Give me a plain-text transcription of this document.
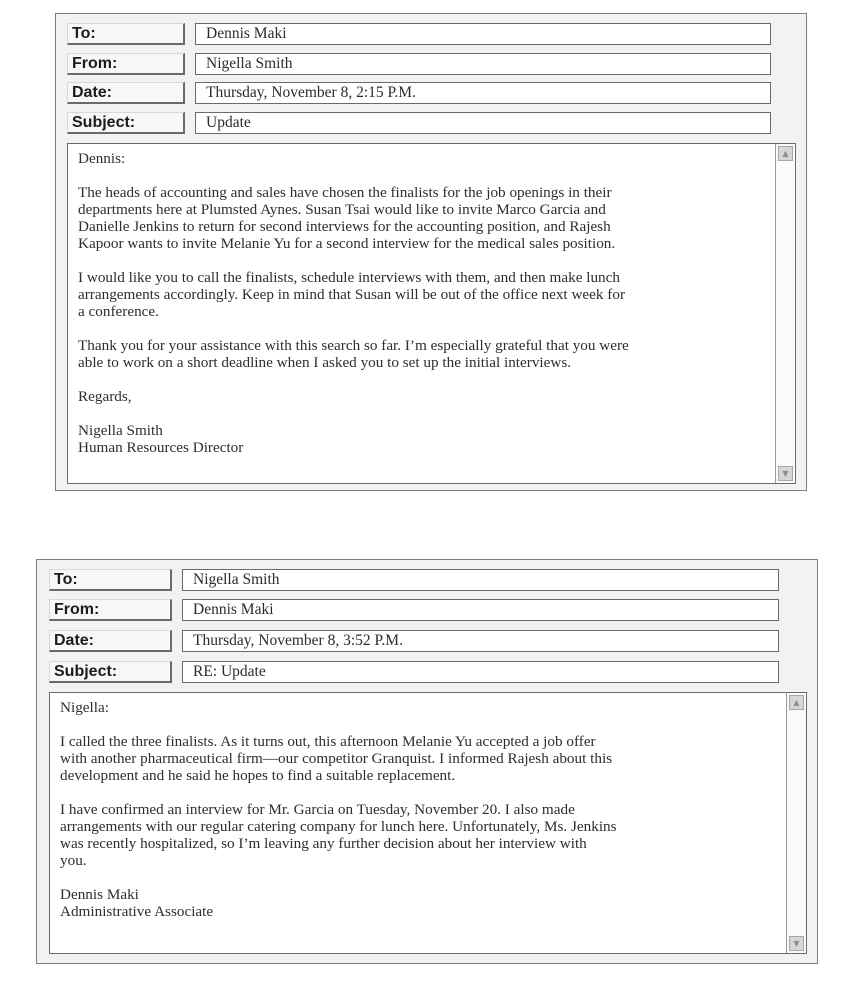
To:	Dennis Maki
From:	Nigella Smith
Date:	Thursday, November 8, 2:15 P.M.
Subject:	Update

Dennis:

The heads of accounting and sales have chosen the finalists for the job openings in their
departments here at Plumsted Aynes. Susan Tsai would like to invite Marco Garcia and
Danielle Jenkins to return for second interviews for the accounting position, and Rajesh
Kapoor wants to invite Melanie Yu for a second interview for the medical sales position.

I would like you to call the finalists, schedule interviews with them, and then make lunch
arrangements accordingly. Keep in mind that Susan will be out of the office next week for
a conference.

Thank you for your assistance with this search so far. I’m especially grateful that you were
able to work on a short deadline when I asked you to set up the initial interviews.

Regards,

Nigella Smith
Human Resources Director

▲
▼
To:	Nigella Smith
From:	Dennis Maki
Date:	Thursday, November 8, 3:52 P.M.
Subject:	RE: Update

Nigella:

I called the three finalists. As it turns out, this afternoon Melanie Yu accepted a job offer
with another pharmaceutical firm—our competitor Granquist. I informed Rajesh about this
development and he said he hopes to find a suitable replacement.

I have confirmed an interview for Mr. Garcia on Tuesday, November 20. I also made
arrangements with our regular catering company for lunch here. Unfortunately, Ms. Jenkins
was recently hospitalized, so I’m leaving any further decision about her interview with
you.

Dennis Maki
Administrative Associate

▲
▼
